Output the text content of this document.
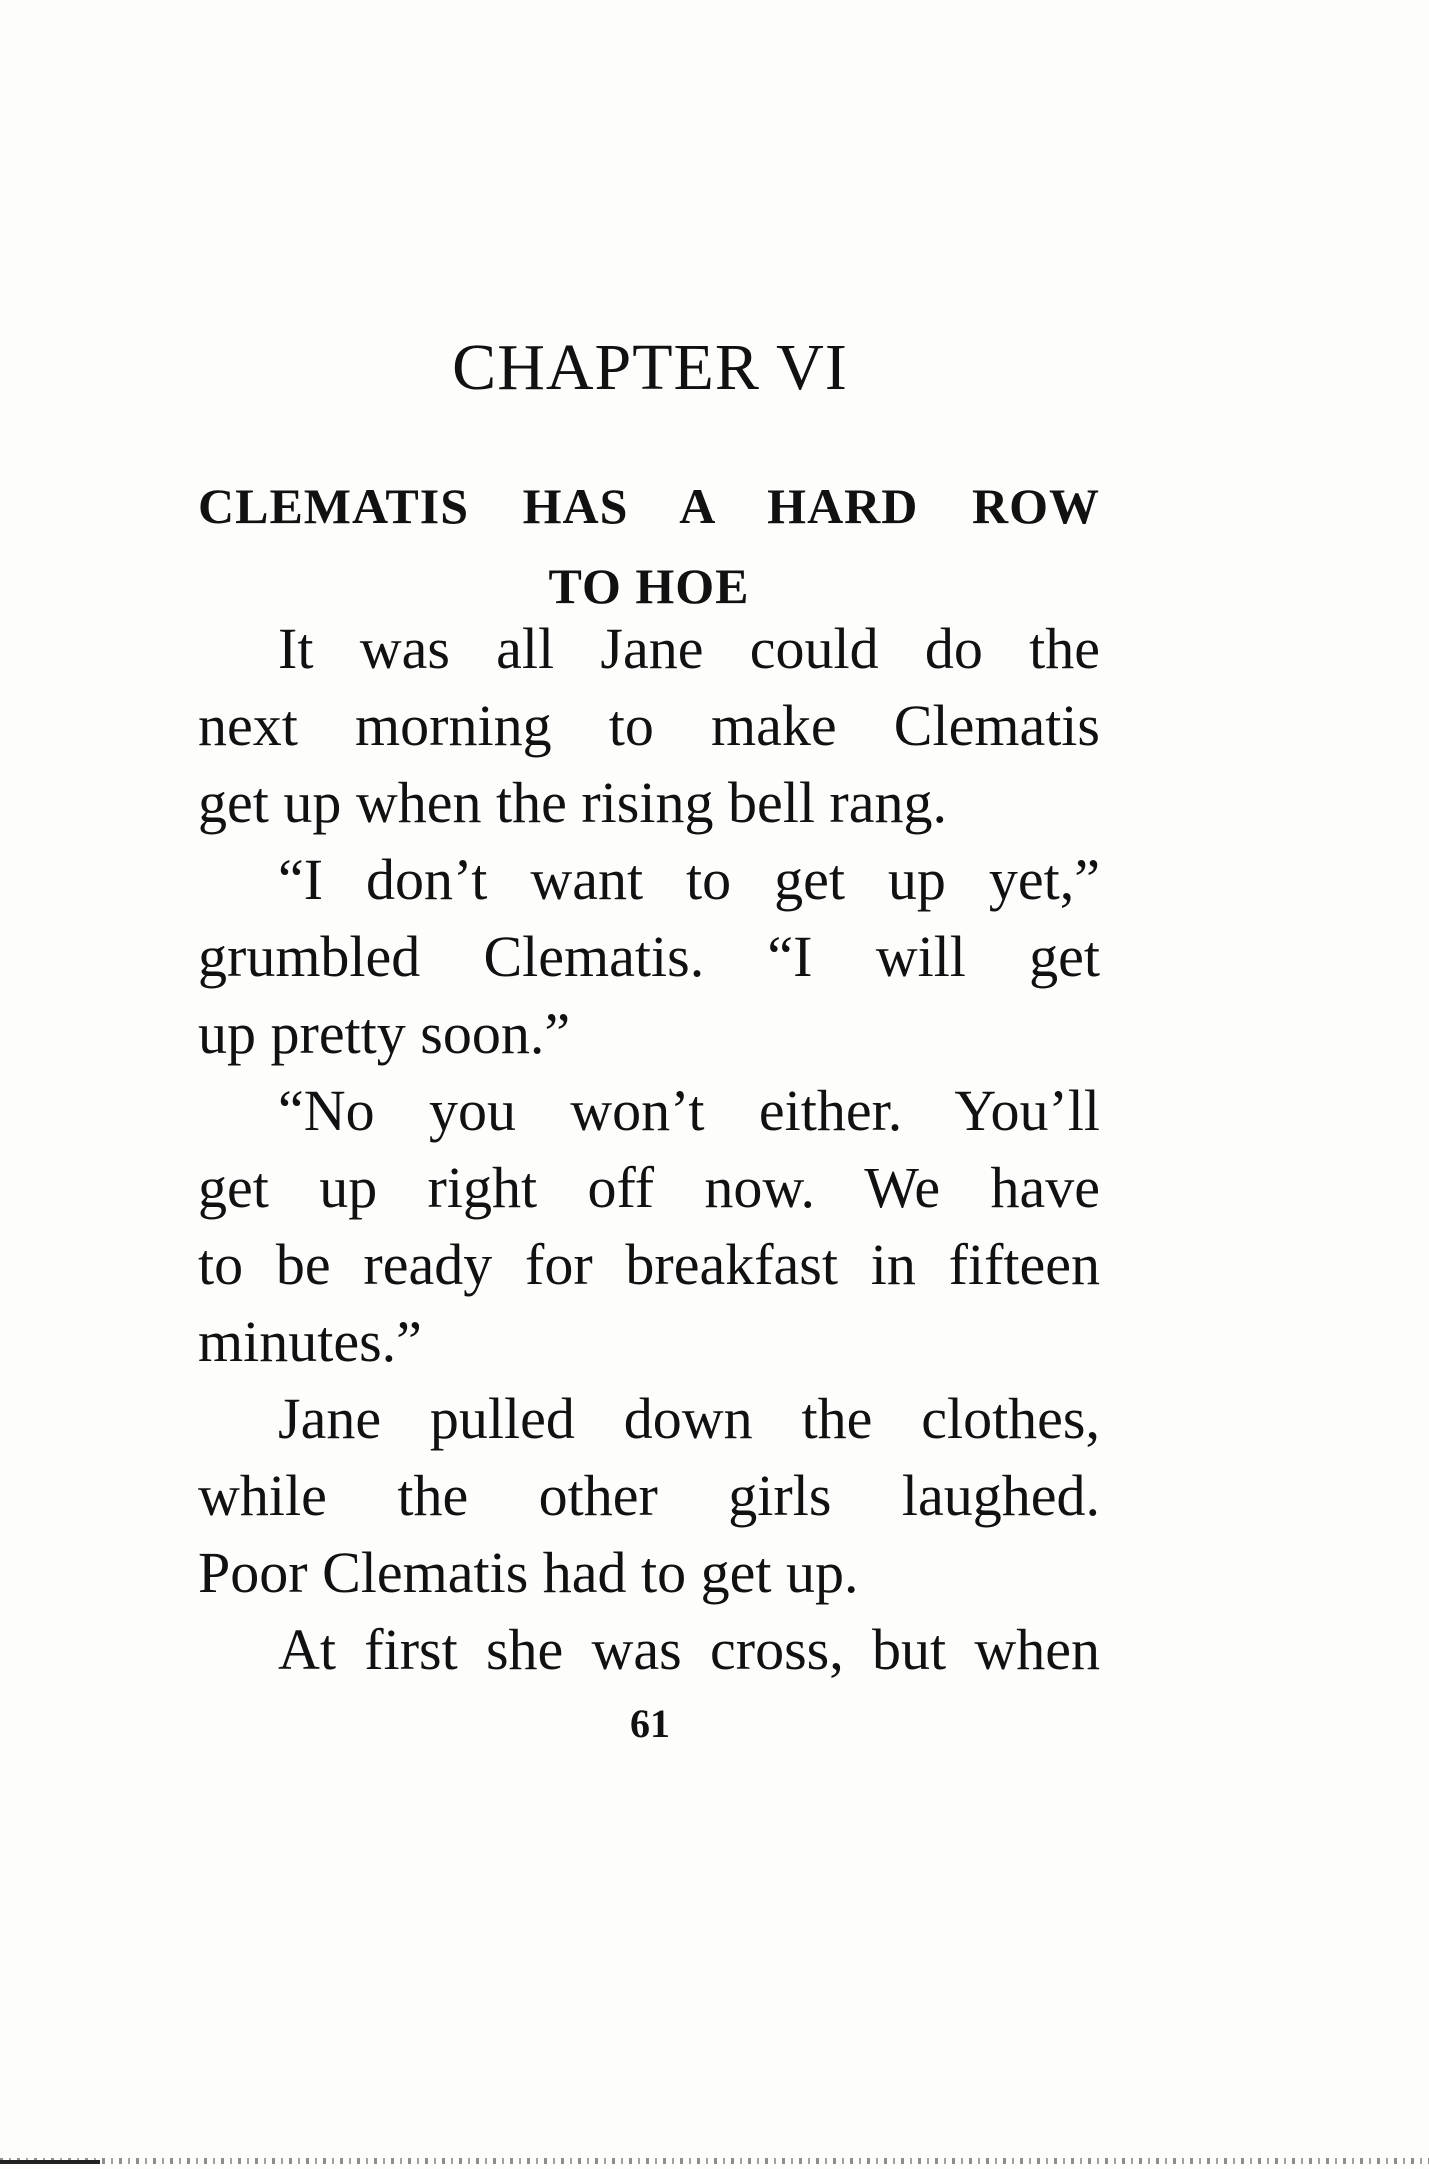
CHAPTER VI
CLEMATIS HAS A HARD ROW
TO HOE
It was all Jane could do the
next morning to make Clematis
get up when the rising bell rang.
“I don’t want to get up yet,”
grumbled Clematis. “I will get
up pretty soon.”
“No you won’t either. You’ll
get up right off now. We have
to be ready for breakfast in fifteen
minutes.”
Jane pulled down the clothes,
while the other girls laughed.
Poor Clematis had to get up.
At first she was cross, but when

61
